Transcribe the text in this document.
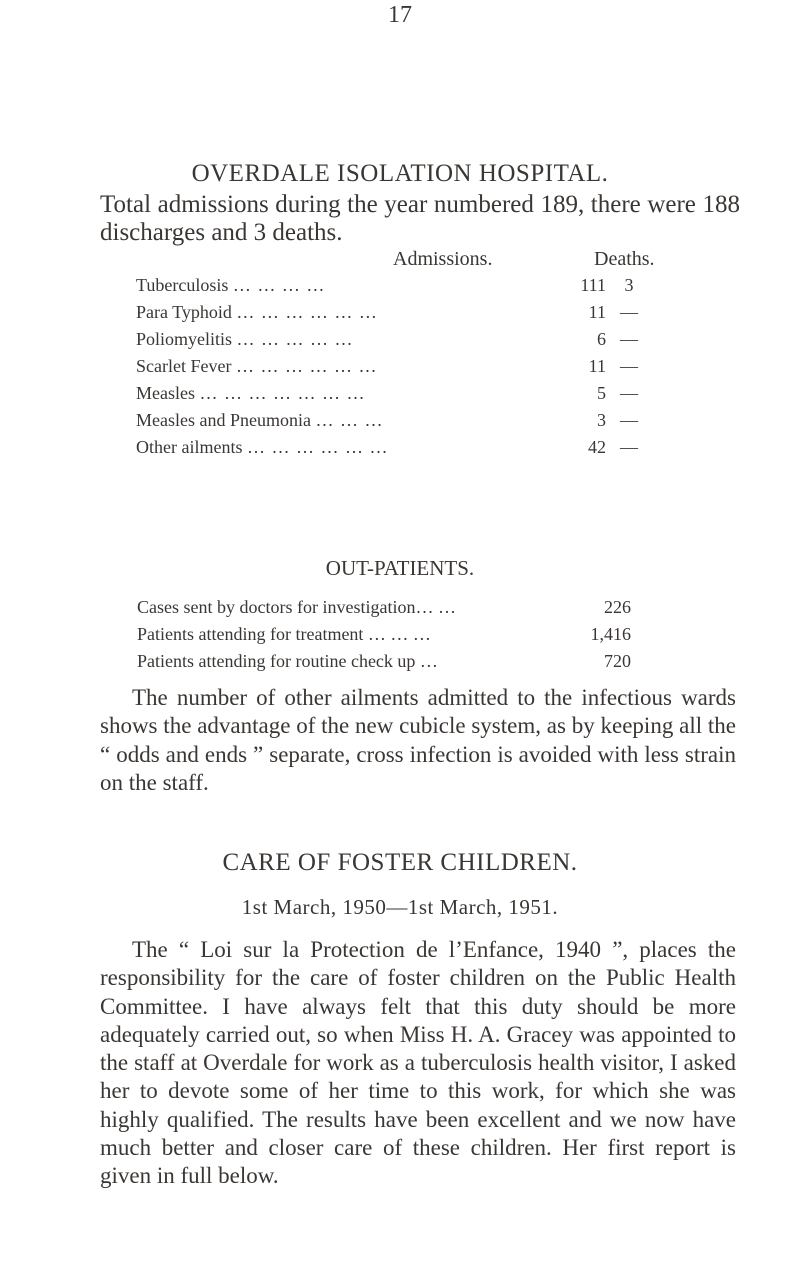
17
OVERDALE ISOLATION HOSPITAL.
Total admissions during the year numbered 189, there were 188 discharges and 3 deaths.
Admissions.	Deaths.
Tuberculosis … … … …	111	3
Para Typhoid … … … … … …	11 —
Poliomyelitis … … … … …	6 —
Scarlet Fever … … … … … …	11 —
Measles … … … … … … …	5 —
Measles and Pneumonia … … …	3 —
Other ailments … … … … … …	42 —
OUT-PATIENTS.
Cases sent by doctors for investigation… …	226
Patients attending for treatment … … …	1,416
Patients attending for routine check up …	720

The number of other ailments admitted to the infectious wards shows the advantage of the new cubicle system, as by keeping all the “ odds and ends ” separate, cross infection is avoided with less strain on the staff.

CARE OF FOSTER CHILDREN.
1st March, 1950—1st March, 1951.

The “ Loi sur la Protection de l’Enfance, 1940 ”, places the responsibility for the care of foster children on the Public Health Committee. I have always felt that this duty should be more adequately carried out, so when Miss H. A. Gracey was appointed to the staff at Overdale for work as a tuberculosis health visitor, I asked her to devote some of her time to this work, for which she was highly qualified. The results have been excellent and we now have much better and closer care of these children. Her first report is given in full below.
